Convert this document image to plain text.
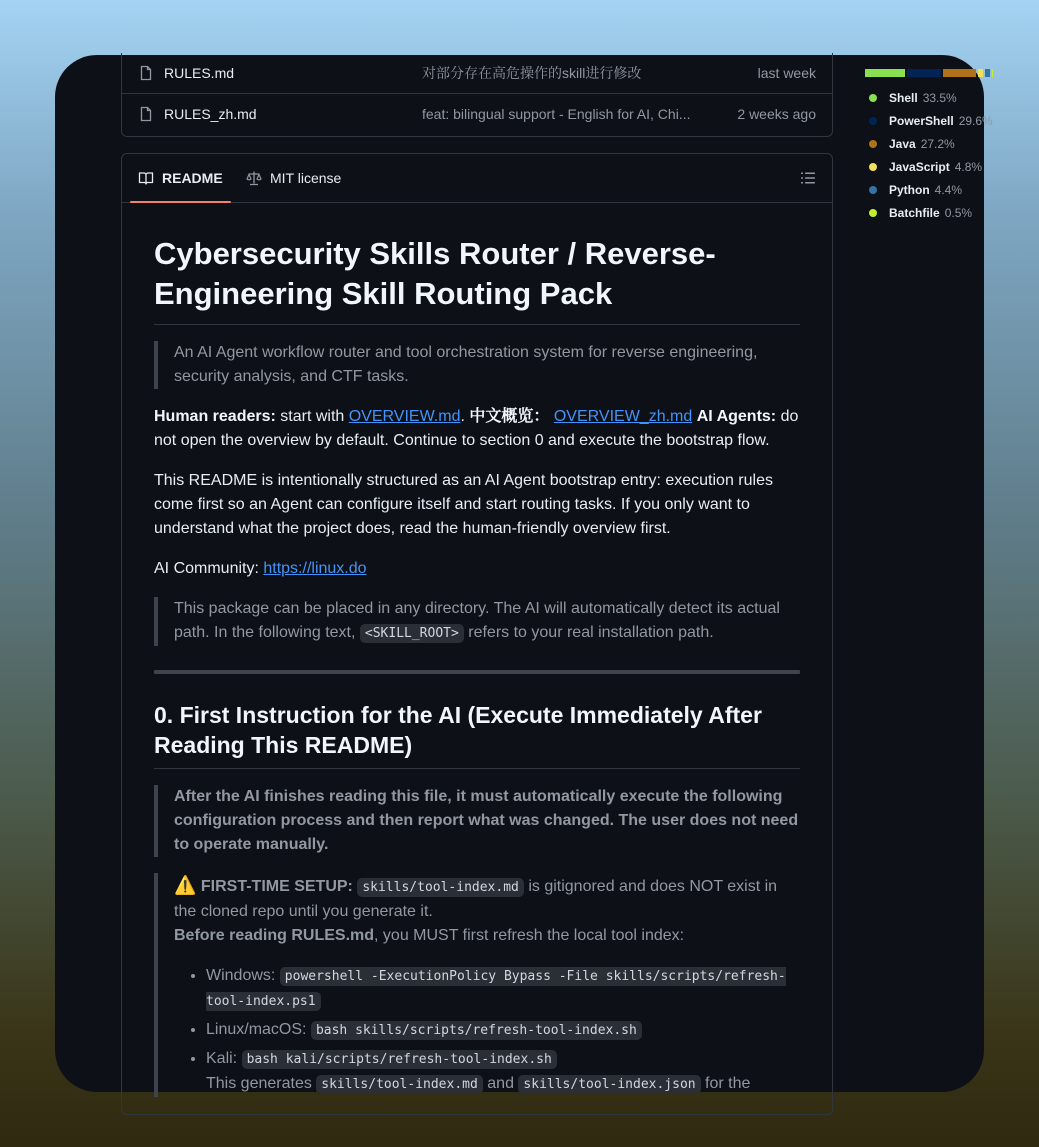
RULES.md	对部分存在高危操作的skill进行修改	last week
RULES_zh.md	feat: bilingual support - English for AI, Chi...	2 weeks ago
Shell 33.5%
PowerShell 29.6%
Java 27.2%
JavaScript 4.8%
Python 4.4%
Batchfile 0.5%
README	MIT license
Cybersecurity Skills Router / Reverse-Engineering Skill Routing Pack
An AI Agent workflow router and tool orchestration system for reverse engineering, security analysis, and CTF tasks.

Human readers: start with OVERVIEW.md. 中文概览： OVERVIEW_zh.md AI Agents: do not open the overview by default. Continue to section 0 and execute the bootstrap flow.

This README is intentionally structured as an AI Agent bootstrap entry: execution rules come first so an Agent can configure itself and start routing tasks. If you only want to understand what the project does, read the human-friendly overview first.

AI Community: https://linux.do

This package can be placed in any directory. The AI will automatically detect its actual path. In the following text, <SKILL_ROOT> refers to your real installation path.
0. First Instruction for the AI (Execute Immediately After Reading This README)
After the AI finishes reading this file, it must automatically execute the following configuration process and then report what was changed. The user does not need to operate manually.
⚠️ FIRST-TIME SETUP: skills/tool-index.md is gitignored and does NOT exist in the cloned repo until you generate it.
Before reading RULES.md, you MUST first refresh the local tool index:
• Windows: powershell -ExecutionPolicy Bypass -File skills/scripts/refresh-tool-index.ps1
• Linux/macOS: bash skills/scripts/refresh-tool-index.sh
• Kali: bash kali/scripts/refresh-tool-index.sh
This generates skills/tool-index.md and skills/tool-index.json for the
